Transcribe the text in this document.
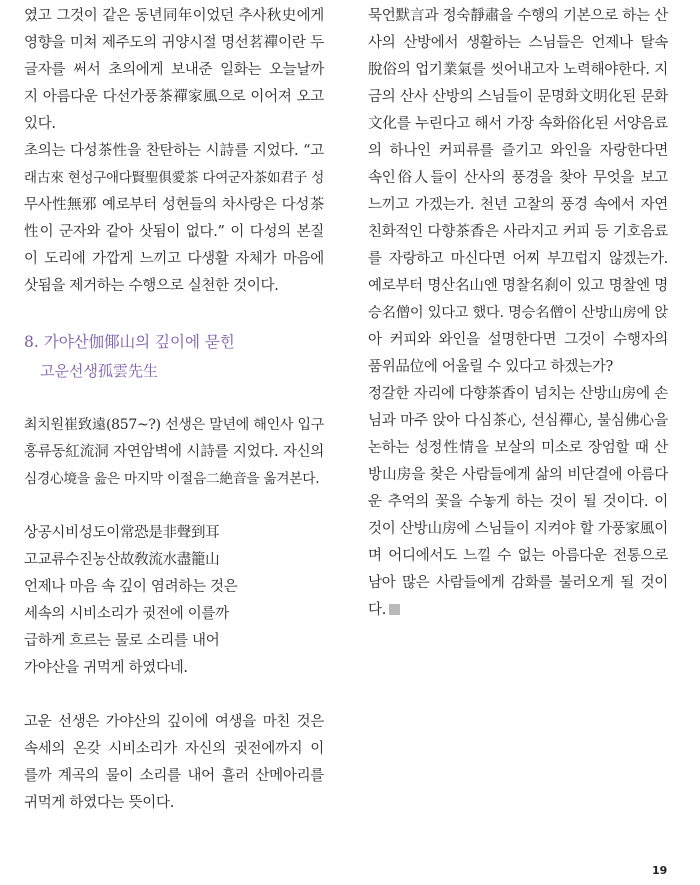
였고 그것이 같은 동년同年이었던 추사秋史에게
영향을 미쳐 제주도의 귀양시절 명선茗禪이란 두
글자를 써서 초의에게 보내준 일화는 오늘날까
지 아름다운 다선가풍茶禪家風으로 이어져 오고
있다.
초의는 다성茶性을 찬탄하는 시詩를 지었다. “고
래古來 현성구애다賢聖俱愛茶 다여군자茶如君子 성
무사性無邪 예로부터 성현들의 차사랑은 다성茶
性이 군자와 같아 삿됨이 없다.” 이 다성의 본질
이 도리에 가깝게 느끼고 다생활 자체가 마음에
삿됨을 제거하는 수행으로 실천한 것이다.
8. 가야산伽倻山의 깊이에 묻힌
고운선생孤雲先生
최치원崔致遠(857~?) 선생은 말년에 해인사 입구
홍류동紅流洞 자연암벽에 시詩를 지었다. 자신의
심경心境을 읊은 마지막 이절음二絶音을 옮겨본다.
상공시비성도이常恐是非聲到耳
고교류수진농산故敎流水盡籠山
언제나 마음 속 깊이 염려하는 것은
세속의 시비소리가 귓전에 이를까
급하게 흐르는 물로 소리를 내어
가야산을 귀먹게 하였다네.
고운 선생은 가야산의 깊이에 여생을 마친 것은
속세의 온갖 시비소리가 자신의 귓전에까지 이
를까 계곡의 물이 소리를 내어 흘러 산메아리를
귀먹게 하였다는 뜻이다.
묵언默言과 정숙靜肅을 수행의 기본으로 하는 산
사의 산방에서 생활하는 스님들은 언제나 탈속
脫俗의 업기業氣를 씻어내고자 노력해야한다. 지
금의 산사 산방의 스님들이 문명화文明化된 문화
文化를 누린다고 해서 가장 속화俗化된 서양음료
의 하나인 커피류를 즐기고 와인을 자랑한다면
속인俗人들이 산사의 풍경을 찾아 무엇을 보고
느끼고 가겠는가. 천년 고찰의 풍경 속에서 자연
친화적인 다향茶香은 사라지고 커피 등 기호음료
를 자랑하고 마신다면 어찌 부끄럽지 않겠는가.
예로부터 명산名山엔 명찰名刹이 있고 명찰엔 명
승名僧이 있다고 했다. 명승名僧이 산방山房에 앉
아 커피와 와인을 설명한다면 그것이 수행자의
품위品位에 어울릴 수 있다고 하겠는가?
정갈한 자리에 다향茶香이 넘치는 산방山房에 손
님과 마주 앉아 다심茶心, 선심禪心, 불심佛心을
논하는 성정性情을 보살의 미소로 장엄할 때 산
방山房을 찾은 사람들에게 삶의 비단결에 아름다
운 추억의 꽃을 수놓게 하는 것이 될 것이다. 이
것이 산방山房에 스님들이 지켜야 할 가풍家風이
며 어디에서도 느낄 수 없는 아름다운 전통으로
남아 많은 사람들에게 감화를 불러오게 될 것이
다.
19
